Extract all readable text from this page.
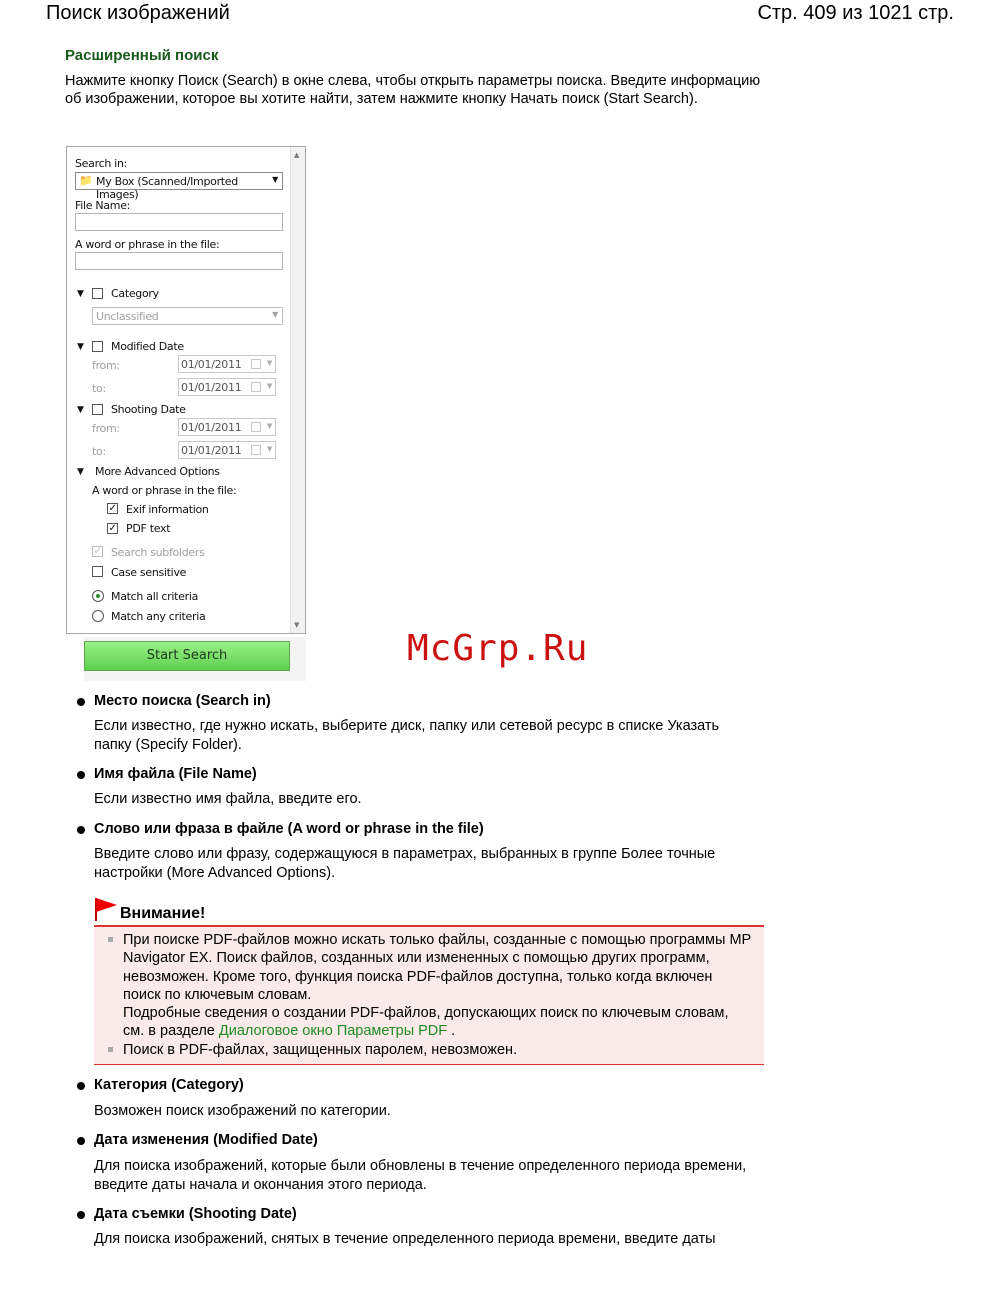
Поиск изображений	Стр. 409 из 1021 стр.
Расширенный поиск
Нажмите кнопку Поиск (Search) в окне слева, чтобы открыть параметры поиска. Введите информацию об изображении, которое вы хотите найти, затем нажмите кнопку Начать поиск (Start Search).
▲
▼
Search in:
📁 My Box (Scanned/Imported Images)
▼
File Name:
A word or phrase in the file:
▼ Category
Unclassified	▼
▼ Modified Date
from:	01/01/2011	▼
to:	01/01/2011	▼
▼ Shooting Date
from:	01/01/2011	▼
to:	01/01/2011	▼
▼ More Advanced Options
A word or phrase in the file:
✓ Exif information
✓ PDF text
✓ Search subfolders
Case sensitive
Match all criteria
Match any criteria
Start Search	McGrp.Ru
Место поиска (Search in)
Если известно, где нужно искать, выберите диск, папку или сетевой ресурс в списке Указать папку (Specify Folder).
Имя файла (File Name)
Если известно имя файла, введите его.
Слово или фраза в файле (A word or phrase in the file)
Введите слово или фразу, содержащуюся в параметрах, выбранных в группе Более точные настройки (More Advanced Options).
Внимание!
При поиске PDF-файлов можно искать только файлы, созданные с помощью программы MP Navigator EX. Поиск файлов, созданных или измененных с помощью других программ, невозможен. Кроме того, функция поиска PDF-файлов доступна, только когда включен поиск по ключевым словам.
Подробные сведения о создании PDF-файлов, допускающих поиск по ключевым словам, см. в разделе Диалоговое окно Параметры PDF .
Поиск в PDF-файлах, защищенных паролем, невозможен.
Категория (Category)
Возможен поиск изображений по категории.
Дата изменения (Modified Date)
Для поиска изображений, которые были обновлены в течение определенного периода времени, введите даты начала и окончания этого периода.
Дата съемки (Shooting Date)
Для поиска изображений, снятых в течение определенного периода времени, введите даты
